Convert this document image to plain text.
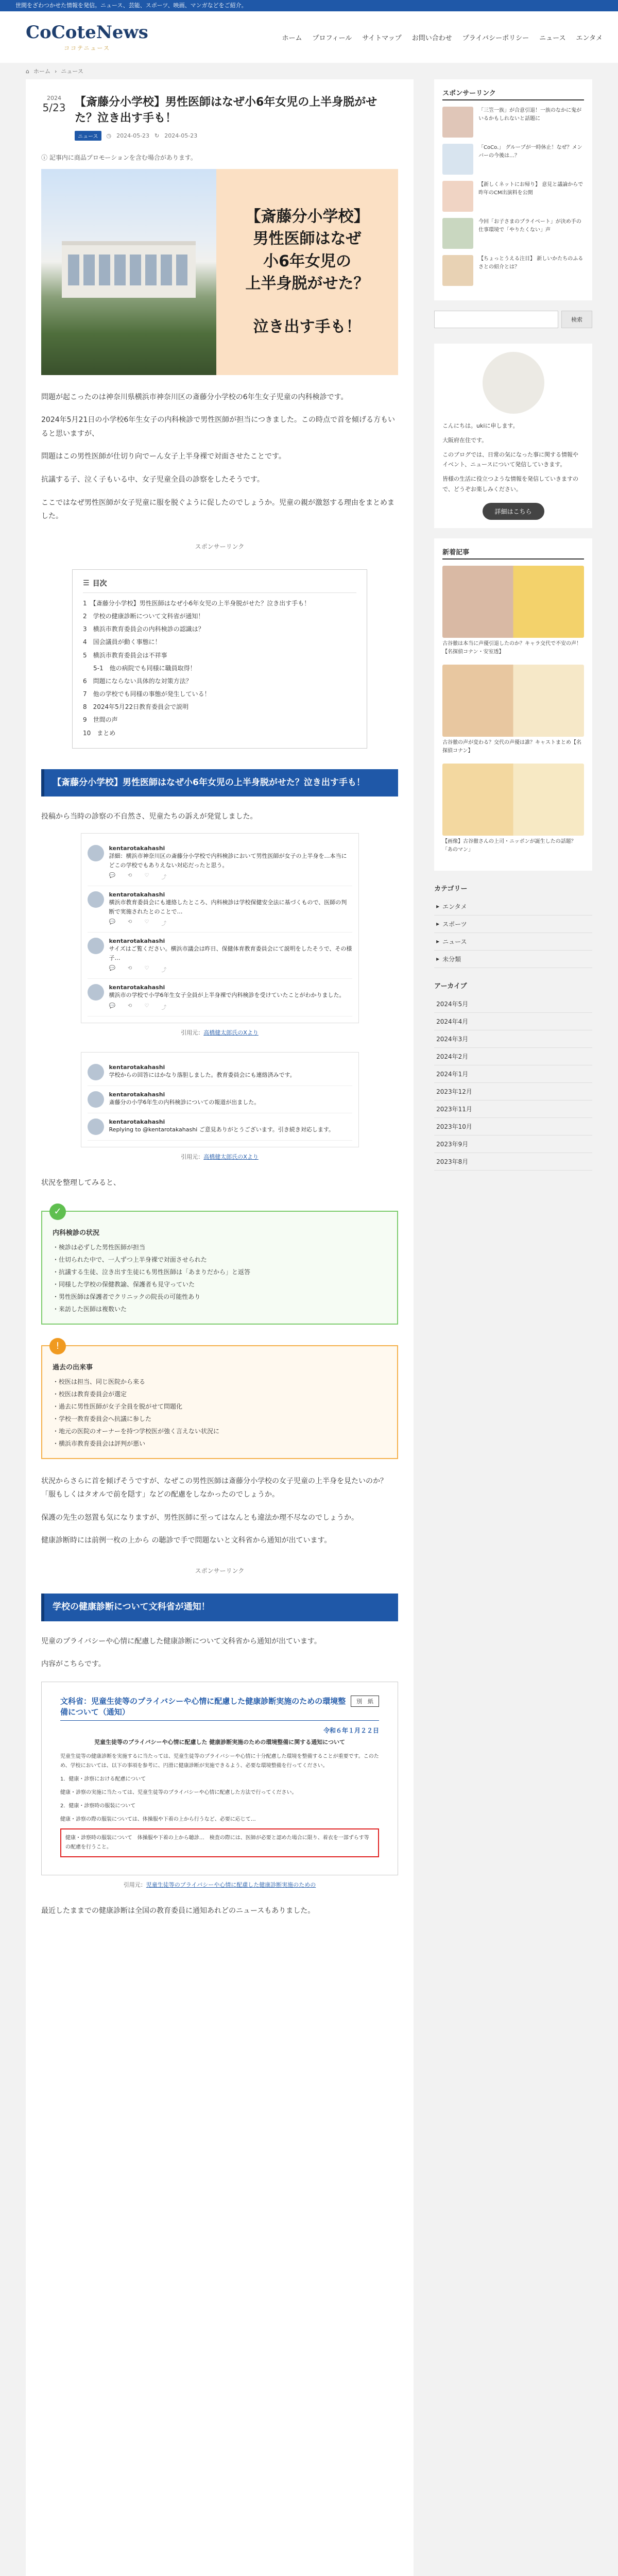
世間をざわつかせた情報を発信。ニュース、芸能、スポーツ、映画、マンガなどをご紹介。
CoCoteNews
ココテニュース
ホーム プロフィール サイトマップ お問い合わせ プライバシーポリシー ニュース エンタメ
⌂ ホーム › ニュース
2024
5/23 【斎藤分小学校】男性医師はなぜ小6年女児の上半身脱がせた？泣き出す手も！
ニュース	◷ 2024-05-23 ↻ 2024-05-23
ⓘ 記事内に商品プロモーションを含む場合があります。
【斎藤分小学校】
男性医師はなぜ
小6年女児の
上半身脱がせた？
泣き出す手も！

問題が起こったのは神奈川県横浜市神奈川区の斎藤分小学校の6年生女子児童の内科検診です。

2024年5月21日の小学校6年生女子の内科検診で男性医師が担当につきました。この時点で首を傾げる方もいると思いますが、

問題はこの男性医師が仕切り向でーん女子上半身裸で対面させたことです。

抗議する子、泣く子もいる中、女子児童全員の診察をしたそうです。

ここではなぜ男性医師が女子児童に服を脱ぐように促したのでしょうか。児童の親が激怒する理由をまとめました。

スポンサーリンク
☰ 目次
1　【斎藤分小学校】男性医師はなぜ小6年女児の上半身脱がせた？泣き出す手も！
2　学校の健康診断について文科省が通知！
3　横浜市教育委員会の内科検診の認識は？
4　国会議員が動く事態に！
5　横浜市教育委員会は不祥事
5-1　他の病院でも同様に職員取得！
6　問題にならない具体的な対策方法？
7　他の学校でも同様の事態が発生している！
8　2024年5月22日教育委員会で説明
9　世間の声
10　まとめ
【斎藤分小学校】男性医師はなぜ小6年女児の上半身脱がせた？泣き出す手も！

投稿から当時の診察の不自然さ、児童たちの訴えが発覚しました。

kentarotakahashi
詳細：横浜市神奈川区の斎藤分小学校で内科検診において男性医師が女子の上半身を…本当にどこの学校でもありえない対応だったと思う。
💬 ⟲ ♡ ⤴
kentarotakahashi
横浜市教育委員会にも連絡したところ、内科検診は学校保健安全法に基づくもので、医師の判断で実施されたとのことで…
💬 ⟲ ♡ ⤴
kentarotakahashi
サイズはご覧ください。横浜市議会は昨日、保健体育教育委員会にて説明をしたそうで、その様子…
💬 ⟲ ♡ ⤴
kentarotakahashi
横浜市の学校で小学6年生女子全員が上半身裸で内科検診を受けていたことがわかりました。
💬 ⟲ ♡ ⤴
引用元：高橋健太郎氏のXより
kentarotakahashi
学校からの回答にはかなり落胆しました。教育委員会にも連絡済みです。
kentarotakahashi
斎藤分の小学6年生の内科検診についての報道が出ました。
kentarotakahashi
Replying to @kentarotakahashi ご意見ありがとうございます。引き続き対応します。
引用元：高橋健太郎氏のXより

状況を整理してみると、

✓
内科検診の状況
・検診は必ずした男性医師が担当
・仕切られた中で、一人ずつ上半身裸で対面させられた
・抗議する生徒、泣き出す生徒にも男性医師は「あまりだから」と返答
・同様した学校の保健教諭、保護者も見守っていた
・男性医師は保護者でクリニックの院長の可能性あり
・来訪した医師は複数いた
!
過去の出来事
・校医は担当、同じ医院から来る
・校医は教育委員会が選定
・過去に男性医師が女子全員を脱がせて問題化
・学校一教育委員会へ抗議に参した
・地元の医院のオーナーを持つ学校医が強く言えない状況に
・横浜市教育委員会は評判が悪い

状況からさらに首を傾げそうですが、なぜこの男性医師は斎藤分小学校の女子児童の上半身を見たいのか？「服もしくはタオルで前を隠す」などの配慮をしなかったのでしょうか。

保護の先生の怒置も気になりますが、男性医師に至ってはなんとも違法か理不尽なのでしょうか。

健康診断時には前例一枚の上から の聴診で手で問題ないと文科省から通知が出ています。

スポンサーリンク
学校の健康診断について文科省が通知！

児童のプライバシーや心情に配慮した健康診断について文科省から通知が出ています。

内容がこちらです。

別　紙
文科省：児童生徒等のプライバシーや心情に配慮した健康診断実施のための環境整備について（通知）
令和６年１月２２日
児童生徒等のプライバシーや心情に配慮した 健康診断実施のための環境整備に関する通知について
児童生徒等の健康診断を実施するに当たっては、児童生徒等のプライバシーや心情に十分配慮した環境を整備することが重要です。このため、学校においては、以下の事項を参考に、円滑に健康診断が実施できるよう、必要な環境整備を行ってください。
1．健康・診察における配慮について
健康・診察の実施に当たっては、児童生徒等のプライバシーや心情に配慮した方法で行ってください。
2．健康・診察時の服装について
健康・診察の際の服装については、体操服や下着の上から行うなど、必要に応じて…
健康・診察時の服装について　体操服や下着の上から聴診…　検査の際には、医師が必要と認めた場合に限り、着衣を一部ずらす等の配慮を行うこと。
引用元：児童生徒等のプライバシーや心情に配慮した健康診断実施のための

最近したままでの健康診断は全国の教育委員に通知あれどのニュースもありました。

スポンサーリンク
「三笠一族」が合意引退！一族のなかに鬼がいるかもしれないと話題に
「CoCo.」 グループが一時休止！なぜ？メンバーの今後は…？
【新しくネットにお帰り】 意見と議論からで昨年のCM出演料を公開
今回「お子さまのプライベート」が決め手の仕事環境で「やりたくない」声
【ちょっとうえる注目】 新しいかたちのふるさとの紹介とは？
検索
こんにちは。ukiに申します。
大阪府在住です。
このブログでは、日常の気になった事に関する情報やイベント、ニュースについて発信していきます。
皆様の生活に役立つような情報を発信していきますので、どうぞお楽しみください。
詳細はこちら
新着記事
古谷徹は本当に声優引退したのか？キャラ交代で不安の声！【名探偵コナン・安室透】
古谷徹の声が変わる？交代の声優は誰？キャストまとめ【名探偵コナン】
【画像】古谷徹さんの上司・ニッポンが誕生したの話題？「あのマン」
カテゴリー
▸ エンタメ
▸ スポーツ
▸ ニュース
▸ 未分類
アーカイブ
2024年5月
2024年4月
2024年3月
2024年2月
2024年1月
2023年12月
2023年11月
2023年10月
2023年9月
2023年8月
